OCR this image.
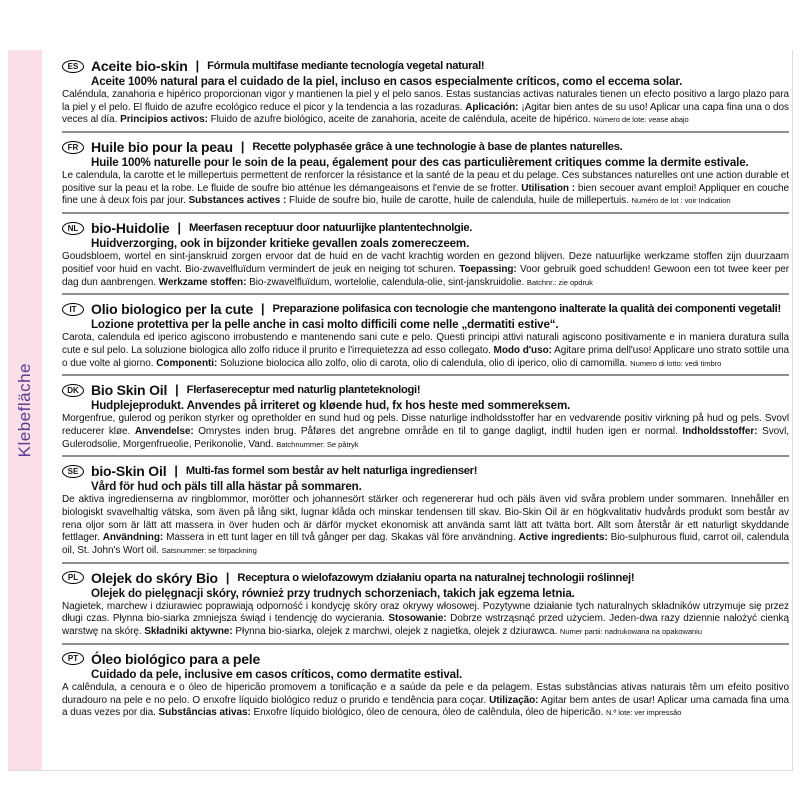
Klebefläche
ES Aceite bio-skin | Fórmula multifase mediante tecnología vegetal natural!
Aceite 100% natural para el cuidado de la piel, incluso en casos especialmente críticos, como el eccema solar.

Caléndula, zanahoria e hipérico proporcionan vigor y mantienen la piel y el pelo sanos. Estas sustancias activas naturales tienen un efecto positivo a largo plazo para la piel y el pelo. El fluido de azufre ecológico reduce el picor y la tendencia a las rozaduras. Aplicación: ¡Agitar bien antes de su uso! Aplicar una capa fina una o dos veces al día. Principios activos: Fluido de azufre biológico, aceite de zanahoria, aceite de caléndula, aceite de hipérico. Número de lote: vease abajo

FR Huile bio pour la peau | Recette polyphasée grâce à une technologie à base de plantes naturelles.
Huile 100% naturelle pour le soin de la peau, également pour des cas particulièrement critiques comme la dermite estivale.

Le calendula, la carotte et le millepertuis permettent de renforcer la résistance et la santé de la peau et du pelage. Ces substances naturelles ont une action durable et positive sur la peau et la robe. Le fluide de soufre bio atténue les démangeaisons et l'envie de se frotter. Utilisation : bien secouer avant emploi! Appliquer en couche fine une à deux fois par jour. Substances actives : Fluide de soufre bio, huile de carotte, huile de calendula, huile de millepertuis. Numéro de lot : voir Indication

NL bio-Huidolie | Meerfasen receptuur door natuurlijke plantentechnolgie.
Huidverzorging, ook in bijzonder kritieke gevallen zoals zomereczeem.

Goudsbloem, wortel en sint-janskruid zorgen ervoor dat de huid en de vacht krachtig worden en gezond blijven. Deze natuurlijke werkzame stoffen zijn duurzaam positief voor huid en vacht. Bio-zwavelfluïdum vermindert de jeuk en neiging tot schuren. Toepassing: Voor gebruik goed schudden! Gewoon een tot twee keer per dag dun aanbrengen. Werkzame stoffen: Bio-zwavelfluïdum, wortelolie, calendula-olie, sint-janskruidolie. Batchnr.: zie opdruk

IT	Olio biologico per la cute | Preparazione polifasica con tecnologie che mantengono inalterate la qualità dei componenti vegetali!
Lozione protettiva per la pelle anche in casi molto difficili come nelle „dermatiti estive“.

Carota, calendula ed iperico agiscono irrobustendo e mantenendo sani cute e pelo. Questi principi attivi naturali agiscono positivamente e in maniera duratura sulla cute e sul pelo. La soluzione biologica allo zolfo riduce il prurito e l'irrequietezza ad esso collegato. Modo d'uso: Agitare prima dell'uso! Applicare uno strato sottile una o due volte al giorno. Componenti: Soluzione biolocica allo zolfo, olio di carota, olio di calendula, olio di iperico, olio di camomilla. Numero di lotto: vedi timbro

DK Bio Skin Oil | Flerfasereceptur med naturlig planteteknologi!
Hudplejeprodukt. Anvendes på irriteret og kløende hud, fx hos heste med sommereksem.

Morgenfrue, gulerod og perikon styrker og opretholder en sund hud og pels. Disse naturlige indholdsstoffer har en vedvarende positiv virkning på hud og pels. Svovl reducerer kløe. Anvendelse: Omrystes inden brug. Påføres det angrebne område en til to gange dagligt, indtil huden igen er normal. Indholdsstoffer: Svovl, Gulerodsolie, Morgenfrueolie, Perikonolie, Vand. Batchnummer: Se påtryk

SE bio-Skin Oil | Multi-fas formel som består av helt naturliga ingredienser!
Vård för hud och päls till alla hästar på sommaren.

De aktiva ingredienserna av ringblommor, morötter och johannesört stärker och regenererar hud och päls även vid svåra problem under sommaren. Innehåller en biologiskt svavelhaltig vätska, som även på lång sikt, lugnar klåda och minskar tendensen till skav. Bio-Skin Oil är en högkvalitativ hudvårds produkt som består av rena oljor som är lätt att massera in över huden och är därför mycket ekonomisk att använda samt lätt att tvätta bort. Allt som återstår är ett naturligt skyddande fettlager. Användning: Massera in ett tunt lager en till två gånger per dag. Skakas väl före användning. Active ingredients: Bio-sulphurous fluid, carrot oil, calendula oil, St. John's Wort oil. Satsnummer: se förpackning

PL Olejek do skóry Bio | Receptura o wielofazowym działaniu oparta na naturalnej technologii roślinnej!
Olejek do pielęgnacji skóry, również przy trudnych schorzeniach, takich jak egzema letnia.

Nagietek, marchew i dziurawiec poprawiają odporność i kondycję skóry oraz okrywy włosowej. Pozytywne działanie tych naturalnych składników utrzymuje się przez długi czas. Płynna bio-siarka zmniejsza świąd i tendencję do wycierania. Stosowanie: Dobrze wstrząsnąć przed użyciem. Jeden-dwa razy dziennie nałożyć cienką warstwę na skórę. Składniki aktywne: Płynna bio-siarka, olejek z marchwi, olejek z nagietka, olejek z dziurawca. Numer partii: nadrukowana na opakowaniu

PT Óleo biológico para a pele
Cuidado da pele, inclusive em casos críticos, como dermatite estival.

A calêndula, a cenoura e o óleo de hipericão promovem a tonificação e a saúde da pele e da pelagem. Estas substâncias ativas naturais têm um efeito positivo duradouro na pele e no pelo. O enxofre líquido biológico reduz o prurido e tendência para coçar. Utilização: Agitar bem antes de usar! Aplicar uma camada fina uma a duas vezes por dia. Substâncias ativas: Enxofre líquido biológico, óleo de cenoura, óleo de calêndula, óleo de hipericão. N.º lote: ver impressão
